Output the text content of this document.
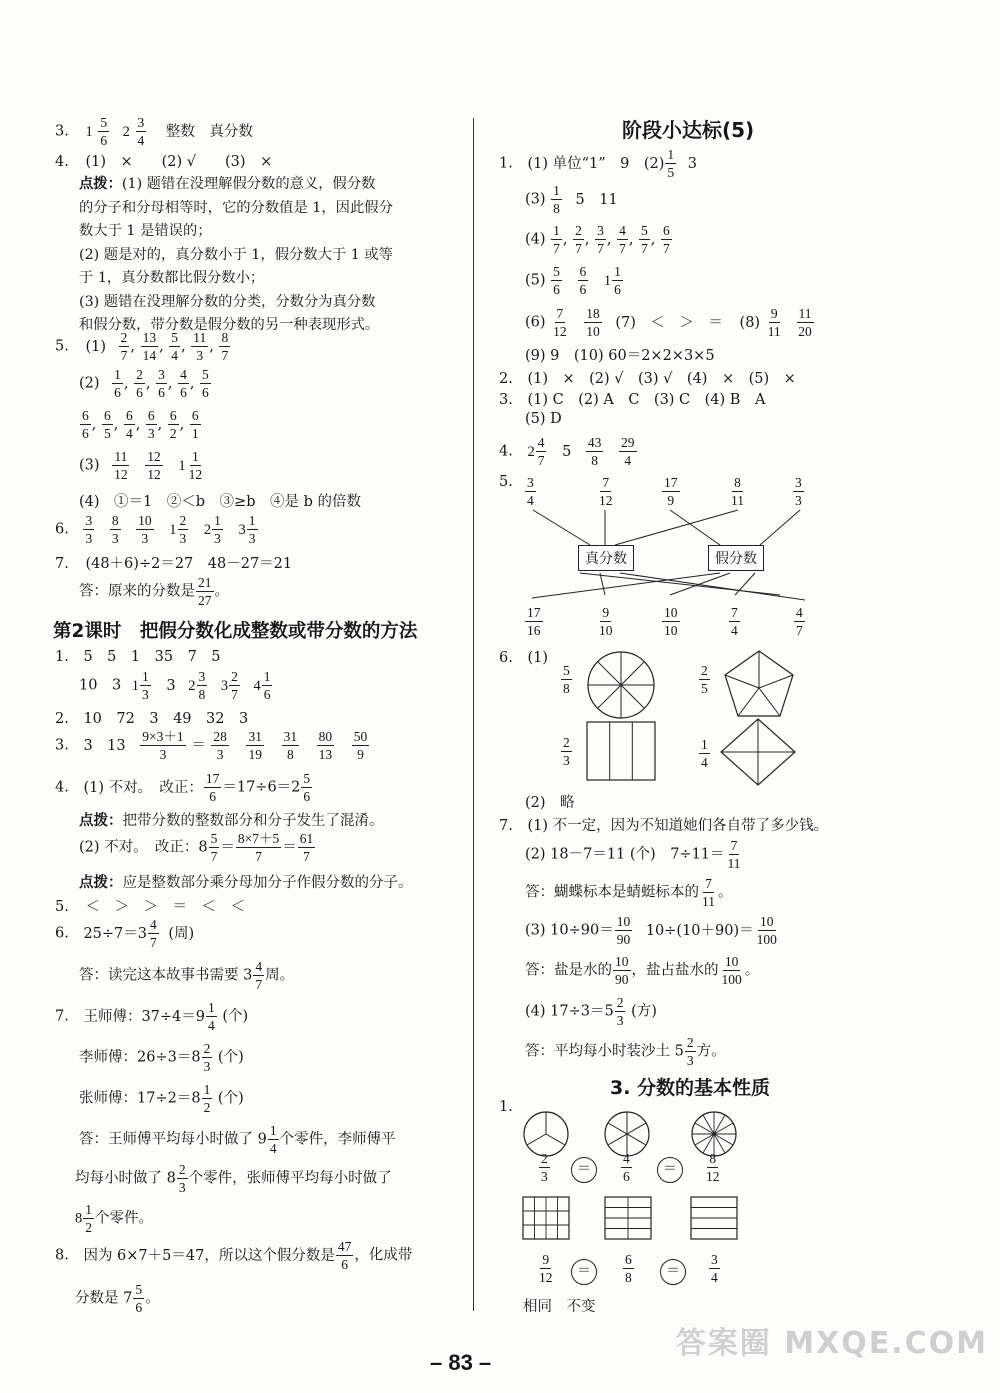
3. $1 \frac{5}{6} 2 \frac{3}{4}$ 整数　真分数
4. (1)　×　　(2) √　　(3)　×
点拨：(1) 题错在没理解假分数的意义，假分数
的分子和分母相等时，它的分数值是 1，因此假分
数大于 1 是错误的；
(2) 题是对的，真分数小于 1，假分数大于 1 或等
于 1，真分数都比假分数小；
(3) 题错在没理解分数的分类，分数分为真分数
和假分数，带分数是假分数的另一种表现形式。
5. $(1) \frac{2}{7}$ , $\frac{13}{14}$ , $\frac{5}{4}$ , $\frac{11}{3}$ , $\frac{8}{7}$
$(2) \frac{1}{6}$ , $\frac{2}{6}$ , $\frac{3}{6}$ , $\frac{4}{6}$ , $\frac{5}{6}$
$\frac{6}{6}$ , $\frac{6}{5}$ , $\frac{6}{4}$ , $\frac{6}{3}$ , $\frac{6}{2}$ , $\frac{6}{1}$
$(3) \frac{11}{12}$
$\frac{12}{12} 1 \frac{1}{12}$
(4)　①＝1　②＜b　③≥b　④是 b 的倍数
6. $\frac{3}{3}$
$\frac{8}{3}$
$\frac{10}{3} 1 \frac{2}{3} 2 \frac{1}{3} 3 \frac{1}{3}$
7. (48＋6)÷2＝27　48－27＝21
答：原来的分数是 $\frac{21}{27}$ 。
第2课时　把假分数化成整数或带分数的方法
1. 5　5　1　35　7　5
10　3 $1 \frac{1}{3} 3$ $2 \frac{3}{8} 3 \frac{2}{7} 4 \frac{1}{6}$
2. 10　72　3　49　32　3
3. 3　$13 \frac{9\times 3+1}{3} = \frac{28}{3}$
$\frac{31}{19}$
$\frac{31}{8}$
$\frac{80}{13}$
$\frac{50}{9}$
4. (1) 不对。　改正： $\frac{17}{6} =17\div 6=2 \frac{5}{6}$
点拨：把带分数的整数部分和分子发生了混淆。
(2) 不对。　改正：$8 \frac{5}{7} = \frac{8\times 7+5}{7} = \frac{61}{7}$
点拨：应是整数部分乘分母加分子作假分数的分子。
5. ＜　＞　＞　＝　＜　＜
6. $25\div 7=3 \frac{4}{7}$ (周)
答：读完这本故事书需要 $3 \frac{4}{7}$ 周。
7. 王师傅：$37\div 4=9 \frac{1}{4}$ (个)
李师傅：$26\div 3=8 \frac{2}{3}$ (个)
张师傅：$17\div 2=8 \frac{1}{2}$ (个)
答：王师傅平均每小时做了 $9 \frac{1}{4}$ 个零件，李师傅平
均每小时做了 $8 \frac{2}{3}$ 个零件，张师傅平均每小时做了
$8 \frac{1}{2}$ 个零件。
8. 因为 6×7＋5＝47，所以这个假分数是 $\frac{47}{6}$ ，化成带
分数是 $7 \frac{5}{6}$ 。
阶段小达标(5)
1. (1) 单位“1”　9　$(2) \frac{1}{5} 3$
$(3) \frac{1}{8} 5$　11
$(4) \frac{1}{7}$ , $\frac{2}{7}$ , $\frac{3}{7}$ , $\frac{4}{7}$ , $\frac{5}{7}$ , $\frac{6}{7}$
$(5) \frac{5}{6}$
$\frac{6}{6} 1 \frac{1}{6}$
$(6) \frac{7}{12}$
$\frac{18}{10} (7)$　＜　＞　＝ $(8) \frac{9}{11}$
$\frac{11}{20}$
(9) 9　(10) 60＝2×2×3×5
2. (1)　×　(2) √　(3) √　(4)　×　(5)　×
3. (1) C　(2) A　C　(3) C　(4) B　A
(5) D
4. $2 \frac{4}{7} 5 \frac{43}{8}$
$\frac{29}{4}$
5. $\frac{3}{4}$	$\frac{7}{12}$	$\frac{17}{9}$	$\frac{8}{11}$	$\frac{3}{3}$
真分数	假分数
$\frac{17}{16}$	$\frac{9}{10}$	$\frac{10}{10}$	$\frac{7}{4}$	$\frac{4}{7}$
6. (1)
$\frac{5}{8}$	$\frac{2}{5}$
$\frac{2}{3}$	$\frac{1}{4}$
(2)　略
7. (1) 不一定，因为不知道她们各自带了多少钱。
(2) 18－7＝11 (个)　$7\div 11= \frac{7}{11}$
答：蝴蝶标本是蜻蜓标本的 $\frac{7}{11}$ 。
(3) $10\div 90= \frac{10}{90} 10\div(10+90)= \frac{10}{100}$
答：盐是水的 $\frac{10}{90}$ ，盐占盐水的 $\frac{10}{100}$ 。
(4) $17\div 3=5 \frac{2}{3}$ (方)
答：平均每小时装沙土 $5 \frac{2}{3}$ 方。
3. 分数的基本性质
1.
$\frac{2}{3}$	＝	$\frac{4}{6}$	＝	$\frac{8}{12}$
$\frac{9}{12}$	＝	$\frac{6}{8}$	＝	$\frac{3}{4}$
相同　不变
– 83 –
答案圈 MXQE.COM
